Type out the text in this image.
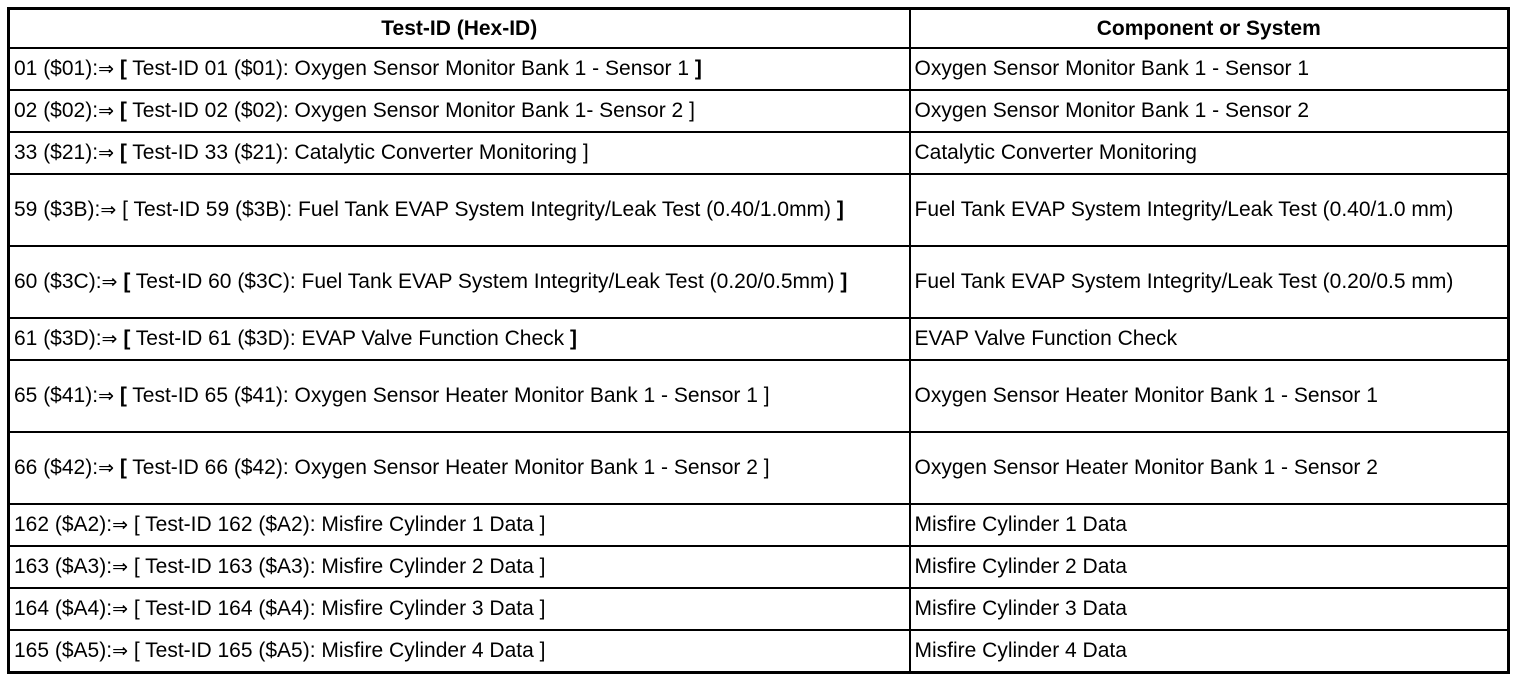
Test-ID (Hex-ID)	Component or System
01 ($01):⇒ [ Test-ID 01 ($01): Oxygen Sensor Monitor Bank 1 - Sensor 1 ]	Oxygen Sensor Monitor Bank 1 - Sensor 1
02 ($02):⇒ [ Test-ID 02 ($02): Oxygen Sensor Monitor Bank 1- Sensor 2 ]	Oxygen Sensor Monitor Bank 1 - Sensor 2
33 ($21):⇒ [ Test-ID 33 ($21): Catalytic Converter Monitoring ]	Catalytic Converter Monitoring
59 ($3B):⇒ [ Test-ID 59 ($3B): Fuel Tank EVAP System Integrity/Leak Test (0.40/1.0mm) ]	Fuel Tank EVAP System Integrity/Leak Test (0.40/1.0 mm)
60 ($3C):⇒ [ Test-ID 60 ($3C): Fuel Tank EVAP System Integrity/Leak Test (0.20/0.5mm) ]	Fuel Tank EVAP System Integrity/Leak Test (0.20/0.5 mm)
61 ($3D):⇒ [ Test-ID 61 ($3D): EVAP Valve Function Check ]	EVAP Valve Function Check
65 ($41):⇒ [ Test-ID 65 ($41): Oxygen Sensor Heater Monitor Bank 1 - Sensor 1 ]	Oxygen Sensor Heater Monitor Bank 1 - Sensor 1
66 ($42):⇒ [ Test-ID 66 ($42): Oxygen Sensor Heater Monitor Bank 1 - Sensor 2 ]	Oxygen Sensor Heater Monitor Bank 1 - Sensor 2
162 ($A2):⇒ [ Test-ID 162 ($A2): Misfire Cylinder 1 Data ]	Misfire Cylinder 1 Data
163 ($A3):⇒ [ Test-ID 163 ($A3): Misfire Cylinder 2 Data ]	Misfire Cylinder 2 Data
164 ($A4):⇒ [ Test-ID 164 ($A4): Misfire Cylinder 3 Data ]	Misfire Cylinder 3 Data
165 ($A5):⇒ [ Test-ID 165 ($A5): Misfire Cylinder 4 Data ]	Misfire Cylinder 4 Data
